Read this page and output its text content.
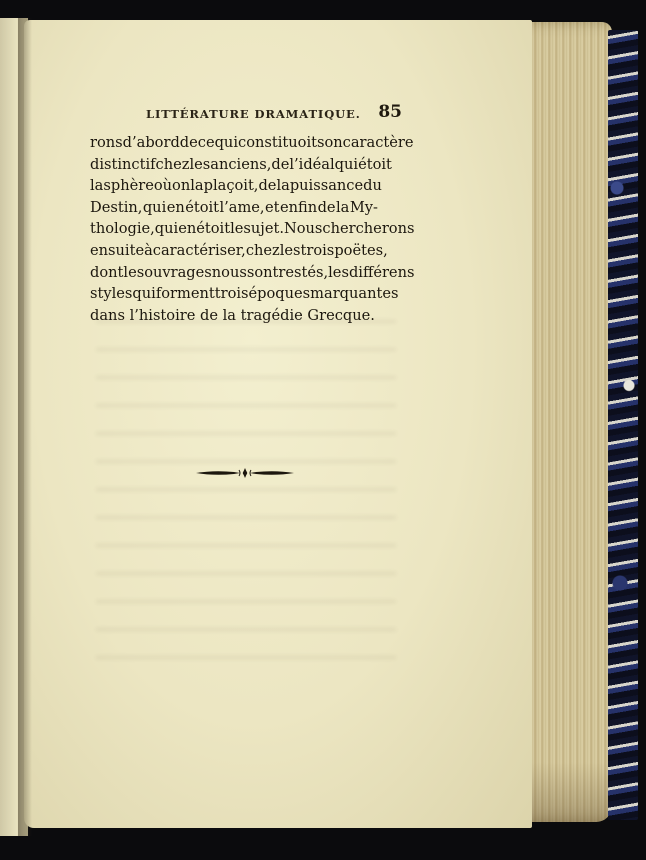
LITTÉRATURE DRAMATIQUE. 85
rons d’abord de ce qui constituoit son caractère
distinctif chez les anciens, de l’idéal qui étoit
la sphère où on la plaçoit, de la puissance du
Destin, qui en étoit l’ame, et enfin de la My-
thologie, qui en étoit le sujet. Nous chercherons
ensuite à caractériser, chez les trois poëtes,
dont les ouvrages nous sont restés, les différens
styles qui forment trois époques marquantes
dans l’histoire de la tragédie Grecque.
